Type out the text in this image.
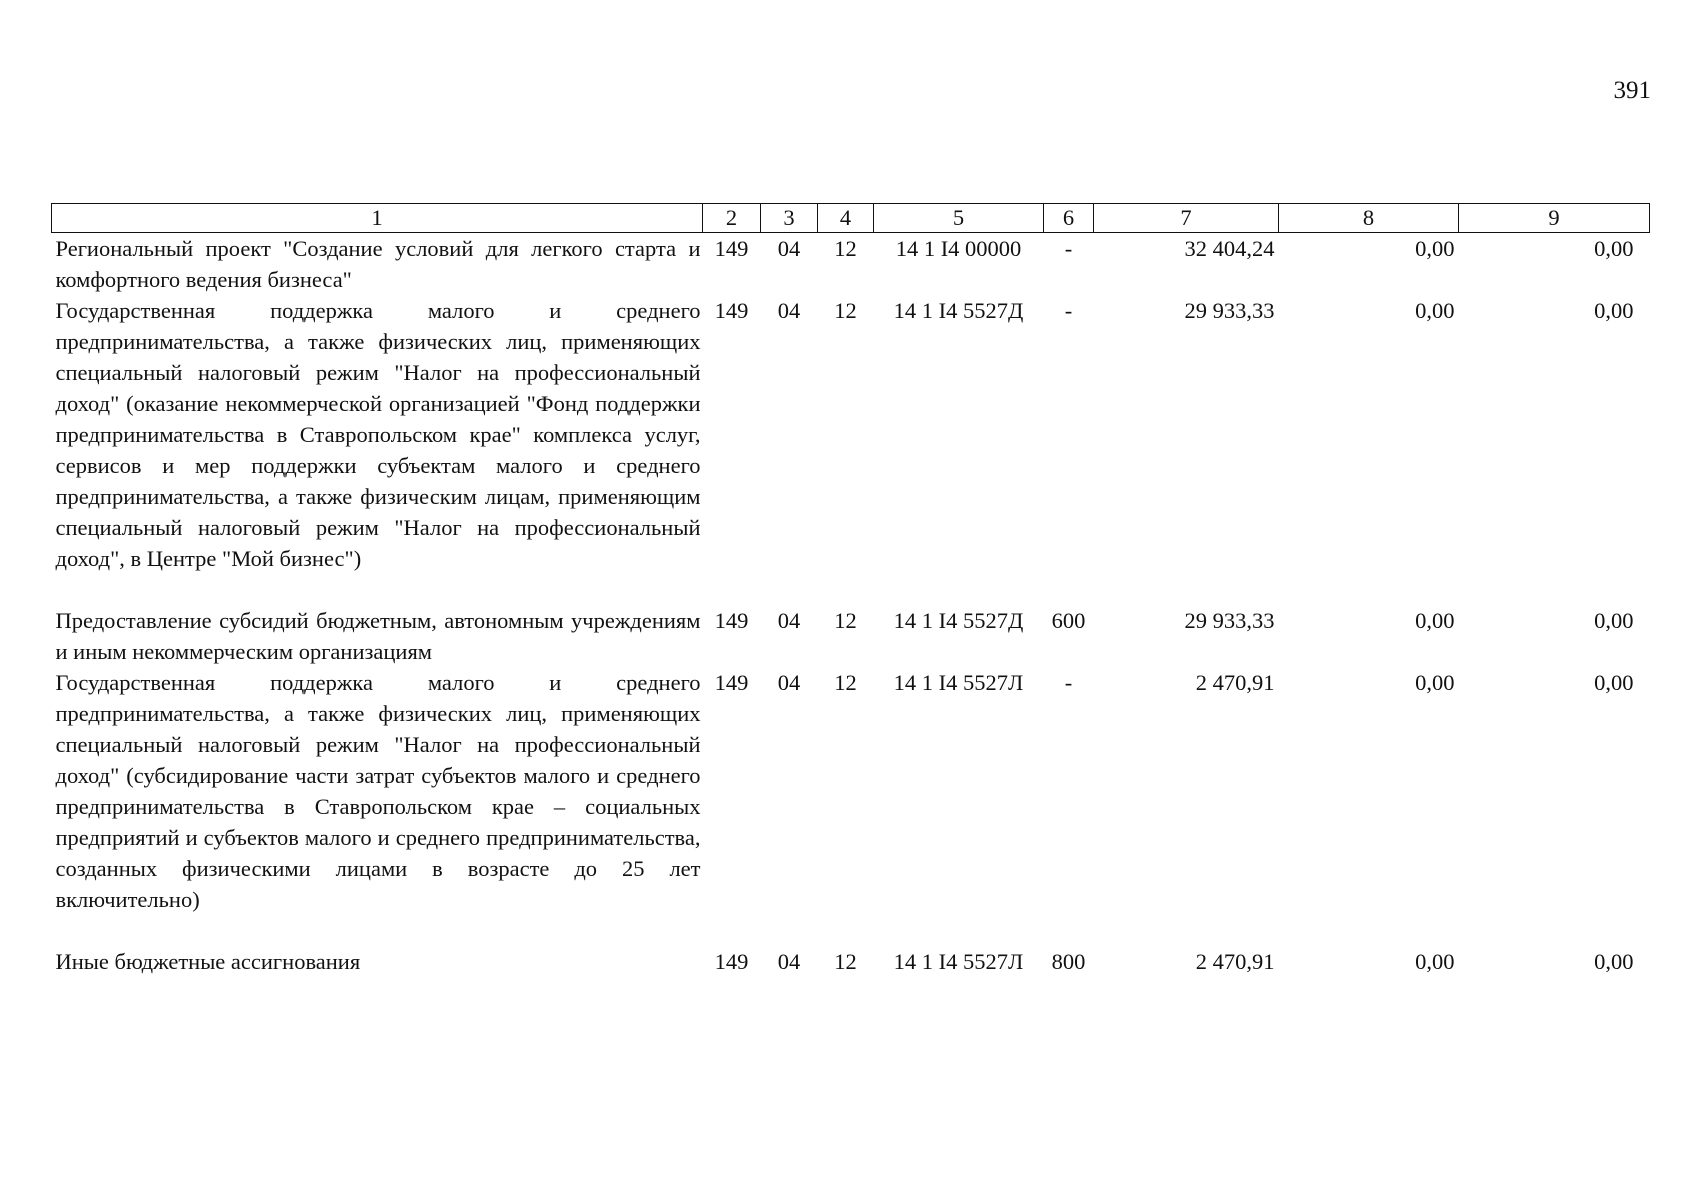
391
1	2	3	4	5	6	7	8	9
Региональный проект "Создание условий для легкого старта и комфортного ведения бизнеса"	149	04	12	14 1 I4 00000	-	32 404,24	0,00	0,00
Государственная поддержка малого и среднего предпринимательства, а также физических лиц, применяющих специальный налоговый режим "Налог на профессиональный доход" (оказание некоммерческой организацией "Фонд поддержки предпринимательства в Ставропольском крае" комплекса услуг, сервисов и мер поддержки субъектам малого и среднего предпринимательства, а также физическим лицам, применяющим специальный налоговый режим "Налог на профессиональный доход", в Центре "Мой бизнес")	149	04	12	14 1 I4 5527Д	-	29 933,33	0,00	0,00

Предоставление субсидий бюджетным, автономным учреждениям и иным некоммерческим организациям	149	04	12	14 1 I4 5527Д	600	29 933,33	0,00	0,00
Государственная поддержка малого и среднего предпринимательства, а также физических лиц, применяющих специальный налоговый режим "Налог на профессиональный доход" (субсидирование части затрат субъектов малого и среднего предпринимательства в Ставропольском крае – социальных предприятий и субъектов малого и среднего предпринимательства, созданных физическими лицами в возрасте до 25 лет включительно)	149	04	12	14 1 I4 5527Л	-	2 470,91	0,00	0,00

Иные бюджетные ассигнования	149	04	12	14 1 I4 5527Л	800	2 470,91	0,00	0,00
